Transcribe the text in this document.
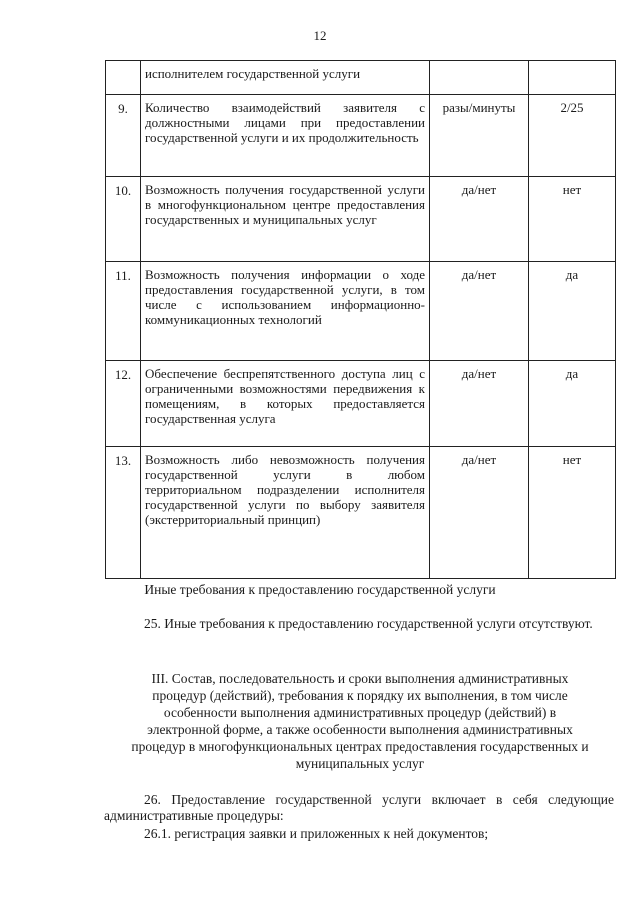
12
	исполнителем государственной услуги		
9.	Количество взаимодействий заявителя с должностными лицами при предоставлении государственной услуги и их продолжительность	разы/минуты	2/25
10.	Возможность получения государственной услуги в многофункциональном центре предоставления государственных и муниципальных услуг	да/нет	нет
11.	Возможность получения информации о ходе предоставления государственной услуги, в том числе с использованием информационно-коммуникационных технологий	да/нет	да
12.	Обеспечение беспрепятственного доступа лиц с ограниченными возможностями передвижения к помещениям, в которых предоставляется государственная услуга	да/нет	да
13.	Возможность либо невозможность получения государственной услуги в любом территориальном подразделении исполнителя государственной услуги по выбору заявителя (экстерриториальный принцип)	да/нет	нет
Иные требования к предоставлению государственной услуги
25. Иные требования к предоставлению государственной услуги отсутствуют.
III. Состав, последовательность и сроки выполнения административных
процедур (действий), требования к порядку их выполнения, в том числе
особенности выполнения административных процедур (действий) в
электронной форме, а также особенности выполнения административных
процедур в многофункциональных центрах предоставления государственных и
муниципальных услуг
26. Предоставление государственной услуги включает в себя следующие административные процедуры:
26.1. регистрация заявки и приложенных к ней документов;
